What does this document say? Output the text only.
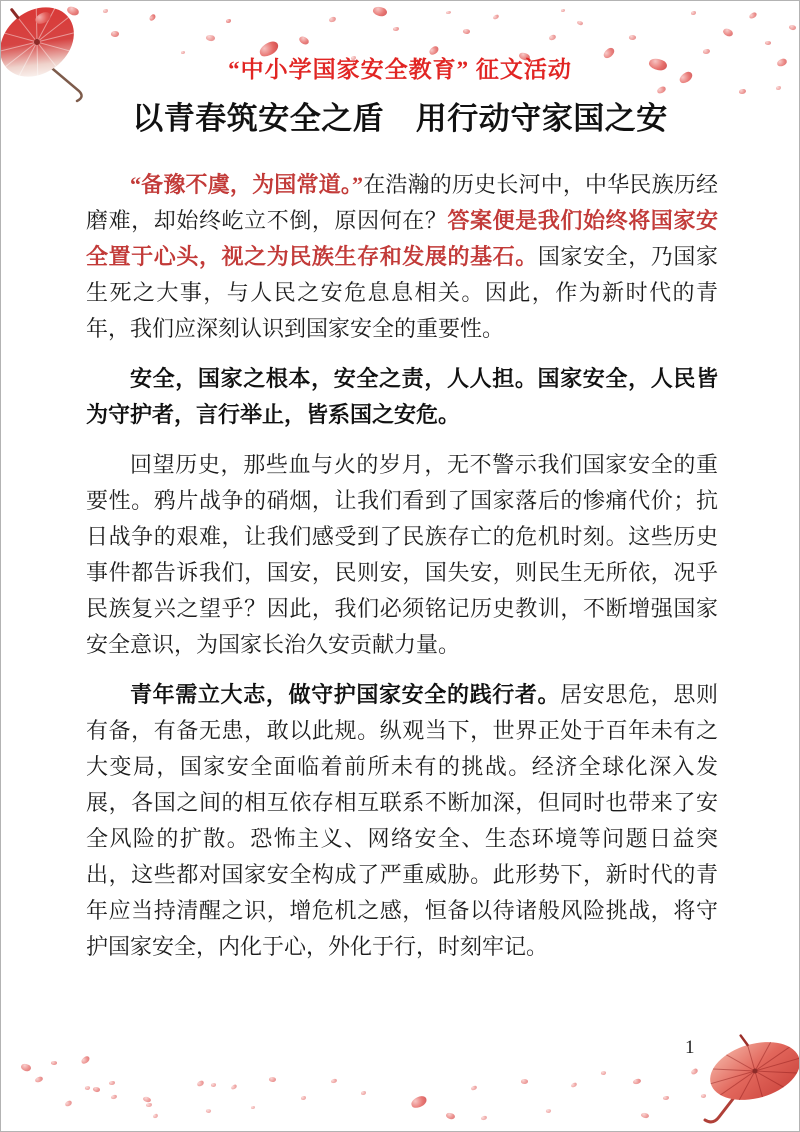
“中小学国家安全教育” 征文活动
以青春筑安全之盾　用行动守家国之安

“备豫不虞，为国常道。”在浩瀚的历史长河中，中华民族历经磨难，却始终屹立不倒，原因何在？答案便是我们始终将国家安全置于心头，视之为民族生存和发展的基石。国家安全，乃国家生死之大事，与人民之安危息息相关。因此，作为新时代的青年，我们应深刻认识到国家安全的重要性。

安全，国家之根本，安全之责，人人担。国家安全，人民皆为守护者，言行举止，皆系国之安危。

回望历史，那些血与火的岁月，无不警示我们国家安全的重要性。鸦片战争的硝烟，让我们看到了国家落后的惨痛代价；抗日战争的艰难，让我们感受到了民族存亡的危机时刻。这些历史事件都告诉我们，国安，民则安，国失安，则民生无所依，况乎民族复兴之望乎？因此，我们必须铭记历史教训，不断增强国家安全意识，为国家长治久安贡献力量。

青年需立大志，做守护国家安全的践行者。居安思危，思则有备，有备无患，敢以此规。纵观当下，世界正处于百年未有之大变局，国家安全面临着前所未有的挑战。经济全球化深入发展，各国之间的相互依存相互联系不断加深，但同时也带来了安全风险的扩散。恐怖主义、网络安全、生态环境等问题日益突出，这些都对国家安全构成了严重威胁。此形势下，新时代的青年应当持清醒之识，增危机之感，恒备以待诸般风险挑战，将守护国家安全，内化于心，外化于行，时刻牢记。

1
